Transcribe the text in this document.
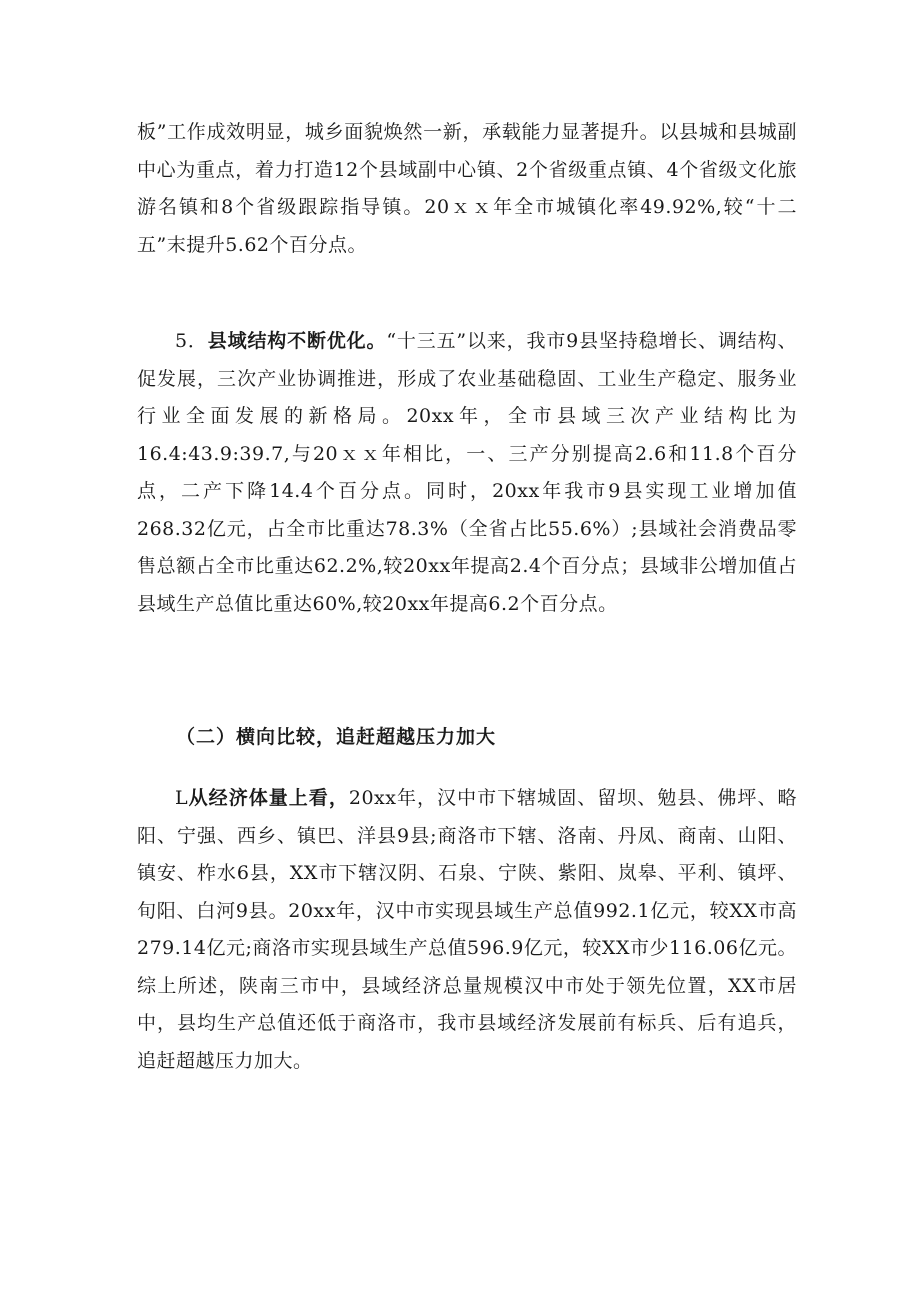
板”工作成效明显，城乡面貌焕然一新，承载能力显著提升。以县城和县城副中心为重点，着力打造12个县域副中心镇、2个省级重点镇、4个省级文化旅游名镇和8个省级跟踪指导镇。20ｘｘ年全市城镇化率49.92%,较“十二五”末提升5.62个百分点。

5．县域结构不断优化。“十三五”以来，我市9县坚持稳增长、调结构、促发展，三次产业协调推进，形成了农业基础稳固、工业生产稳定、服务业行业全面发展的新格局。20xx年，全市县域三次产业结构比为16.4:43.9:39.7,与20ｘｘ年相比，一、三产分别提高2.6和11.8个百分点，二产下降14.4个百分点。同时，20xx年我市9县实现工业增加值268.32亿元，占全市比重达78.3%（全省占比55.6%）;县域社会消费品零售总额占全市比重达62.2%,较20xx年提高2.4个百分点；县域非公增加值占县域生产总值比重达60%,较20xx年提高6.2个百分点。

（二）横向比较，追赶超越压力加大

L从经济体量上看，20xx年，汉中市下辖城固、留坝、勉县、佛坪、略阳、宁强、西乡、镇巴、洋县9县;商洛市下辖、洛南、丹凤、商南、山阳、镇安、柞水6县，XX市下辖汉阴、石泉、宁陕、紫阳、岚皋、平利、镇坪、旬阳、白河9县。20xx年，汉中市实现县域生产总值992.1亿元，较XX市高279.14亿元;商洛市实现县域生产总值596.9亿元，较XX市少116.06亿元。综上所述，陕南三市中，县域经济总量规模汉中市处于领先位置，XX市居中，县均生产总值还低于商洛市，我市县域经济发展前有标兵、后有追兵，追赶超越压力加大。
